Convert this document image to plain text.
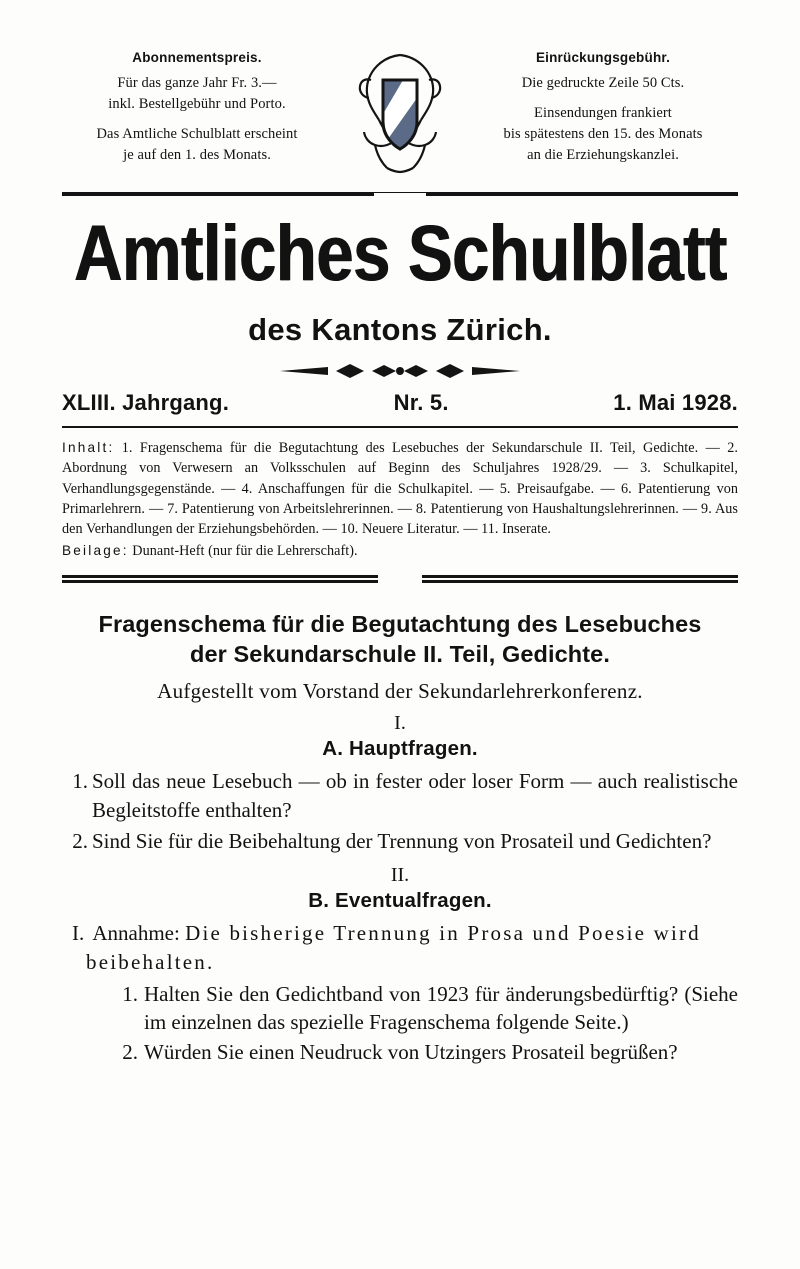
Abonnementspreis.
Für das ganze Jahr Fr. 3.—
inkl. Bestellgebühr und Porto.
Das Amtliche Schulblatt erscheint
je auf den 1. des Monats.
Einrückungsgebühr.
Die gedruckte Zeile 50 Cts.
Einsendungen frankiert
bis spätestens den 15. des Monats
an die Erziehungskanzlei.
Amtliches Schulblatt
des Kantons Zürich.
XLIII. Jahrgang.	Nr. 5.	1. Mai 1928.
Inhalt: 1. Fragenschema für die Begutachtung des Lesebuches der Sekundarschule II. Teil, Gedichte. — 2. Abordnung von Verwesern an Volksschulen auf Beginn des Schuljahres 1928/29. — 3. Schulkapitel, Verhandlungsgegenstände. — 4. Anschaffungen für die Schulkapitel. — 5. Preisaufgabe. — 6. Patentierung von Primarlehrern. — 7. Patentierung von Arbeitslehrerinnen. — 8. Patentierung von Haushaltungslehrerinnen. — 9. Aus den Verhandlungen der Erziehungsbehörden. — 10. Neuere Literatur. — 11. Inserate.
Beilage: Dunant-Heft (nur für die Lehrerschaft).
Fragenschema für die Begutachtung des Lesebuches
der Sekundarschule II. Teil, Gedichte.
Aufgestellt vom Vorstand der Sekundarlehrerkonferenz.
I.
A. Hauptfragen.
1. Soll das neue Lesebuch — ob in fester oder loser Form — auch realistische Begleitstoffe enthalten?
2. Sind Sie für die Beibehaltung der Trennung von Prosateil und Gedichten?
II.
B. Eventualfragen.
I. Annahme: Die bisherige Trennung in Prosa und Poesie wird beibehalten.
1. Halten Sie den Gedichtband von 1923 für änderungsbedürftig? (Siehe im einzelnen das spezielle Fragenschema folgende Seite.)
2. Würden Sie einen Neudruck von Utzingers Prosateil begrüßen?
